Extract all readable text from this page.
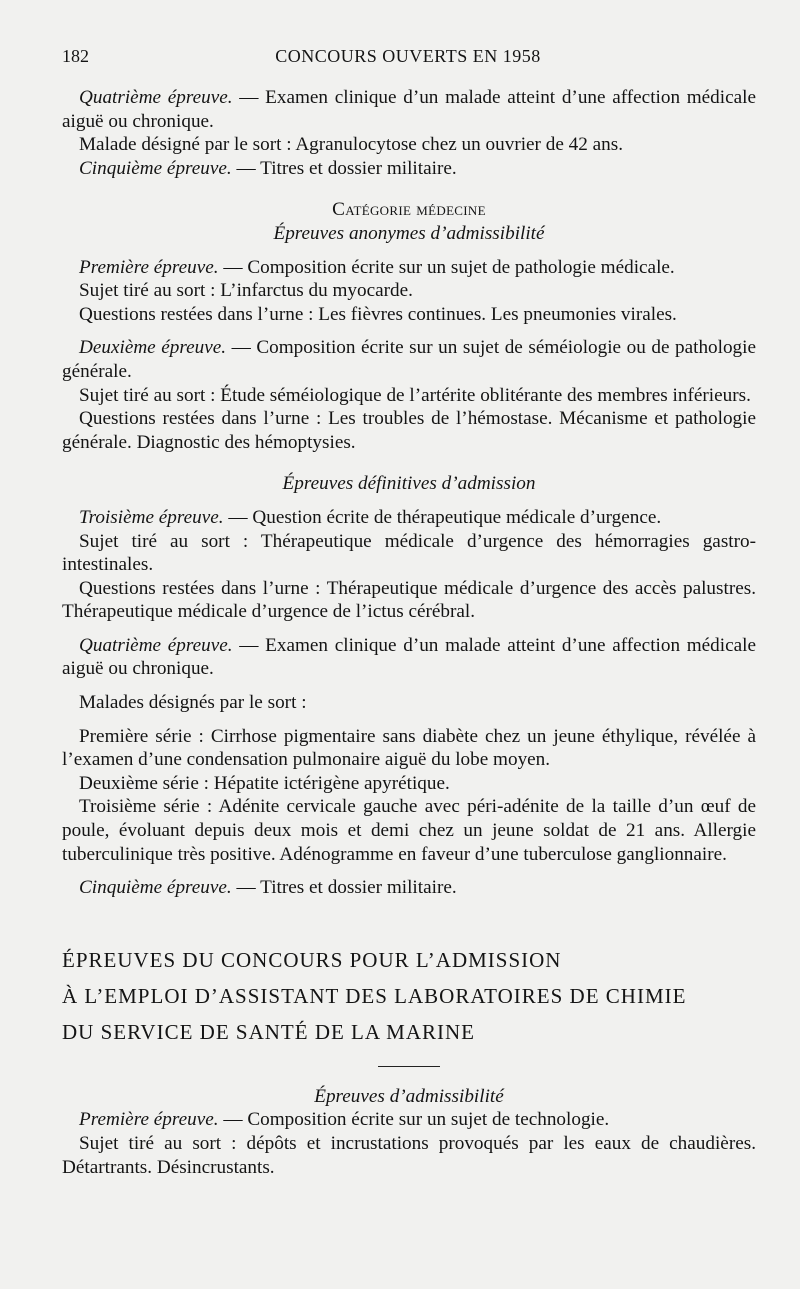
182	CONCOURS OUVERTS EN 1958

Quatrième épreuve. — Examen clinique d’un malade atteint d’une affection médicale aiguë ou chronique.

Malade désigné par le sort : Agranulocytose chez un ouvrier de 42 ans.

Cinquième épreuve. — Titres et dossier militaire.

Catégorie médecine

Épreuves anonymes d’admissibilité

Première épreuve. — Composition écrite sur un sujet de pathologie médicale.

Sujet tiré au sort : L’infarctus du myocarde.

Questions restées dans l’urne : Les fièvres continues. Les pneumonies virales.

Deuxième épreuve. — Composition écrite sur un sujet de séméiologie ou de pathologie générale.

Sujet tiré au sort : Étude séméiologique de l’artérite oblitérante des membres inférieurs.

Questions restées dans l’urne : Les troubles de l’hémostase. Mécanisme et pathologie générale. Diagnostic des hémoptysies.

Épreuves définitives d’admission

Troisième épreuve. — Question écrite de thérapeutique médicale d’urgence.

Sujet tiré au sort : Thérapeutique médicale d’urgence des hémorragies gastro-intestinales.

Questions restées dans l’urne : Thérapeutique médicale d’urgence des accès palustres. Thérapeutique médicale d’urgence de l’ictus cérébral.

Quatrième épreuve. — Examen clinique d’un malade atteint d’une affection médicale aiguë ou chronique.

Malades désignés par le sort :

Première série : Cirrhose pigmentaire sans diabète chez un jeune éthylique, révélée à l’examen d’une condensation pulmonaire aiguë du lobe moyen.

Deuxième série : Hépatite ictérigène apyrétique.

Troisième série : Adénite cervicale gauche avec péri-adénite de la taille d’un œuf de poule, évoluant depuis deux mois et demi chez un jeune soldat de 21 ans. Allergie tuberculinique très positive. Adénogramme en faveur d’une tuberculose ganglionnaire.

Cinquième épreuve. — Titres et dossier militaire.

ÉPREUVES DU CONCOURS POUR L’ADMISSION

À L’EMPLOI D’ASSISTANT DES LABORATOIRES DE CHIMIE

DU SERVICE DE SANTÉ DE LA MARINE

Épreuves d’admissibilité

Première épreuve. — Composition écrite sur un sujet de technologie.

Sujet tiré au sort : dépôts et incrustations provoqués par les eaux de chaudières. Détartrants. Désincrustants.
